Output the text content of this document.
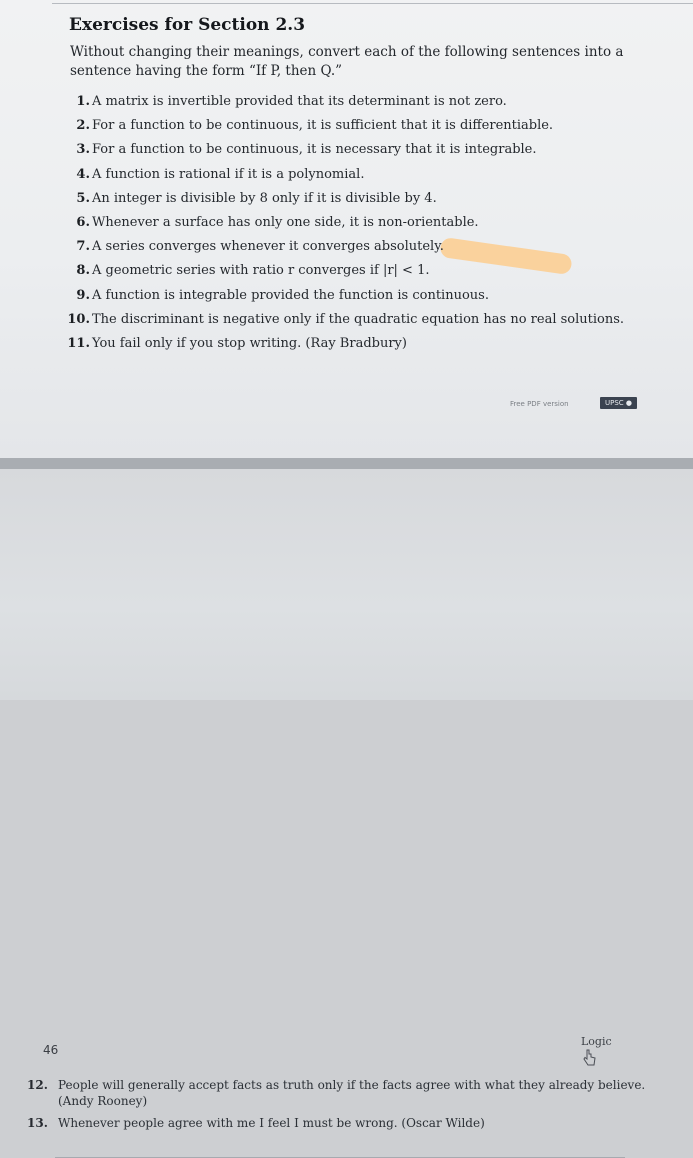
Exercises for Section 2.3

Without changing their meanings, convert each of the following sentences into a sentence having the form “If P, then Q.”

1. A matrix is invertible provided that its determinant is not zero.
2. For a function to be continuous, it is sufficient that it is differentiable.
3. For a function to be continuous, it is necessary that it is integrable.
4. A function is rational if it is a polynomial.
5. An integer is divisible by 8 only if it is divisible by 4.
6. Whenever a surface has only one side, it is non-orientable.
7. A series converges whenever it converges absolutely.
8. A geometric series with ratio r converges if |r| < 1.
9. A function is integrable provided the function is continuous.
10. The discriminant is negative only if the quadratic equation has no real solutions.
11. You fail only if you stop writing. (Ray Bradbury)
Free PDF version	UPSC ●
46
Logic
12. People will generally accept facts as truth only if the facts agree with what they already believe. (Andy Rooney)
13. Whenever people agree with me I feel I must be wrong. (Oscar Wilde)
